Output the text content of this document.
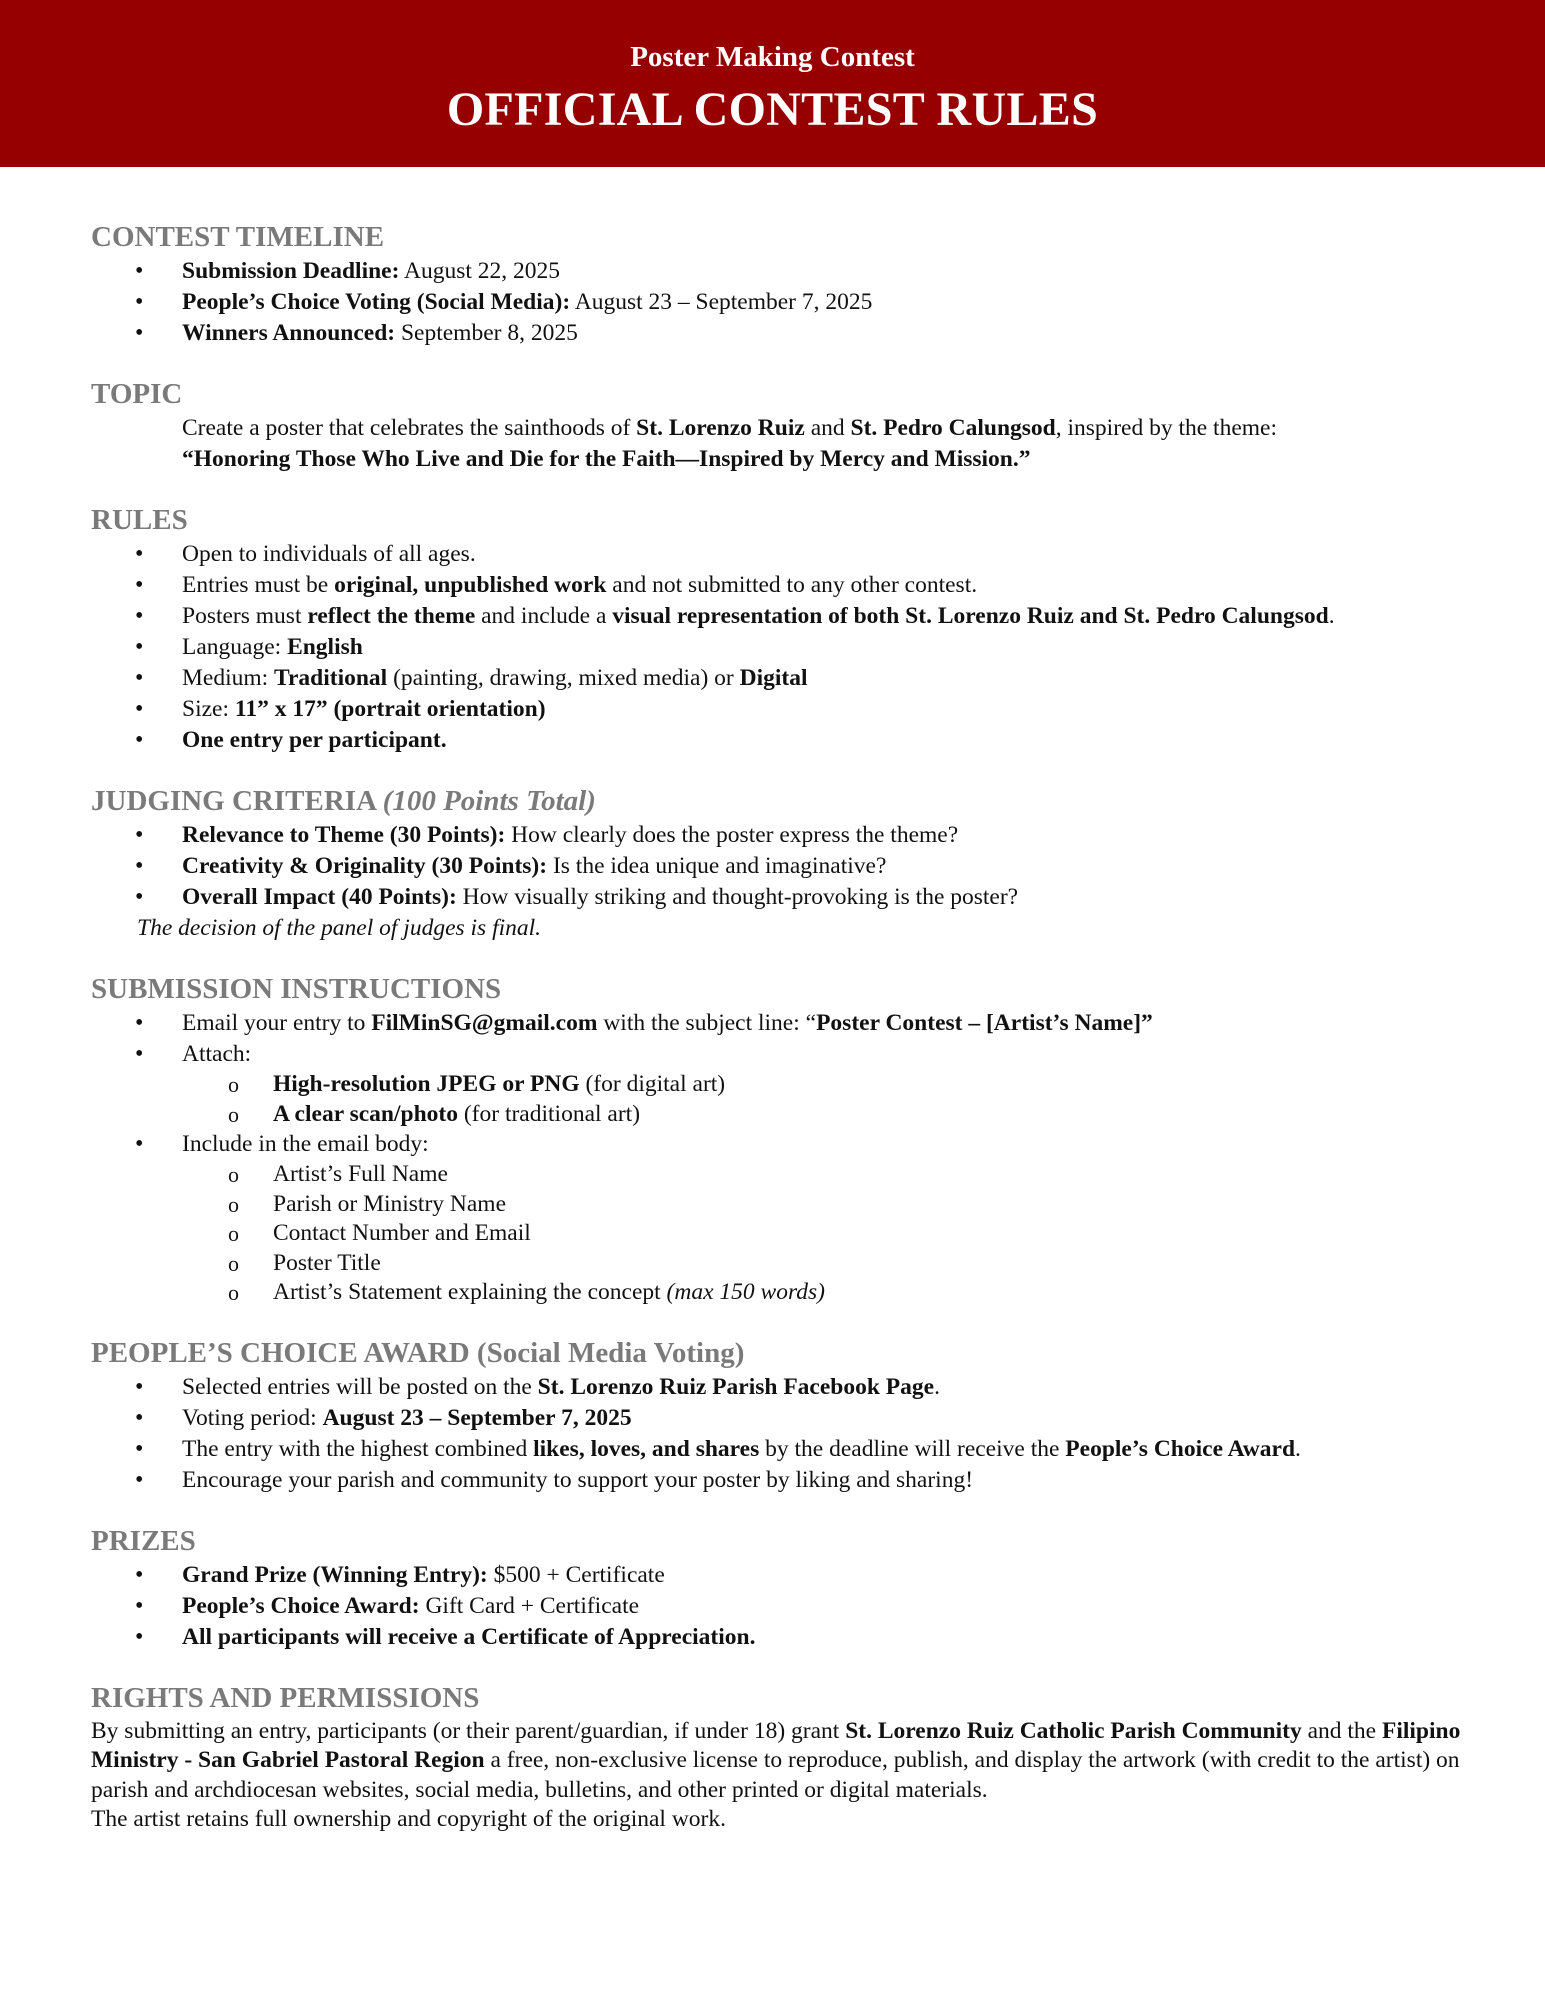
Poster Making Contest
OFFICIAL CONTEST RULES
CONTEST TIMELINE
• Submission Deadline: August 22, 2025
• People’s Choice Voting (Social Media): August 23 – September 7, 2025
• Winners Announced: September 8, 2025
TOPIC
Create a poster that celebrates the sainthoods of St. Lorenzo Ruiz and St. Pedro Calungsod, inspired by the theme:
“Honoring Those Who Live and Die for the Faith—Inspired by Mercy and Mission.”
RULES
• Open to individuals of all ages.
• Entries must be original, unpublished work and not submitted to any other contest.
• Posters must reflect the theme and include a visual representation of both St. Lorenzo Ruiz and St. Pedro Calungsod.
• Language: English
• Medium: Traditional (painting, drawing, mixed media) or Digital
• Size: 11” x 17” (portrait orientation)
• One entry per participant.
JUDGING CRITERIA (100 Points Total)
• Relevance to Theme (30 Points): How clearly does the poster express the theme?
• Creativity & Originality (30 Points): Is the idea unique and imaginative?
• Overall Impact (40 Points): How visually striking and thought-provoking is the poster?
The decision of the panel of judges is final.
SUBMISSION INSTRUCTIONS
• Email your entry to FilMinSG@gmail.com with the subject line: “Poster Contest – [Artist’s Name]”
• Attach:
o High-resolution JPEG or PNG (for digital art)
o A clear scan/photo (for traditional art)
• Include in the email body:
o Artist’s Full Name
o Parish or Ministry Name
o Contact Number and Email
o Poster Title
o Artist’s Statement explaining the concept (max 150 words)
PEOPLE’S CHOICE AWARD (Social Media Voting)
• Selected entries will be posted on the St. Lorenzo Ruiz Parish Facebook Page.
• Voting period: August 23 – September 7, 2025
• The entry with the highest combined likes, loves, and shares by the deadline will receive the People’s Choice Award.
• Encourage your parish and community to support your poster by liking and sharing!
PRIZES
• Grand Prize (Winning Entry): $500 + Certificate
• People’s Choice Award: Gift Card + Certificate
• All participants will receive a Certificate of Appreciation.
RIGHTS AND PERMISSIONS
By submitting an entry, participants (or their parent/guardian, if under 18) grant St. Lorenzo Ruiz Catholic Parish Community and the Filipino Ministry - San Gabriel Pastoral Region a free, non-exclusive license to reproduce, publish, and display the artwork (with credit to the artist) on parish and archdiocesan websites, social media, bulletins, and other printed or digital materials.
The artist retains full ownership and copyright of the original work.
